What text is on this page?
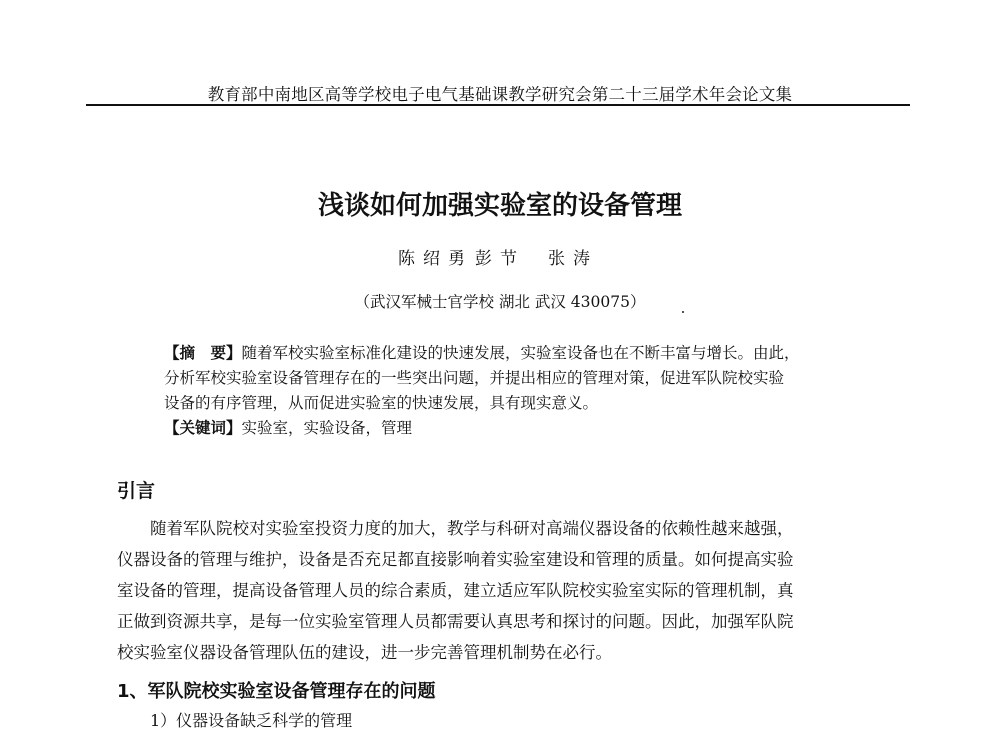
教育部中南地区高等学校电子电气基础课教学研究会第二十三届学术年会论文集
浅谈如何加强实验室的设备管理
陈绍勇 彭节 张涛
（武汉军械士官学校 湖北 武汉 430075）
【摘　要】随着军校实验室标准化建设的快速发展，实验室设备也在不断丰富与增长。由此，
分析军校实验室设备管理存在的一些突出问题，并提出相应的管理对策，促进军队院校实验
设备的有序管理，从而促进实验室的快速发展，具有现实意义。
【关键词】实验室，实验设备，管理
引言
随着军队院校对实验室投资力度的加大，教学与科研对高端仪器设备的依赖性越来越强，
仪器设备的管理与维护，设备是否充足都直接影响着实验室建设和管理的质量。如何提高实验
室设备的管理，提高设备管理人员的综合素质，建立适应军队院校实验室实际的管理机制，真
正做到资源共享，是每一位实验室管理人员都需要认真思考和探讨的问题。因此，加强军队院
校实验室仪器设备管理队伍的建设，进一步完善管理机制势在必行。
1、军队院校实验室设备管理存在的问题
1）仪器设备缺乏科学的管理
